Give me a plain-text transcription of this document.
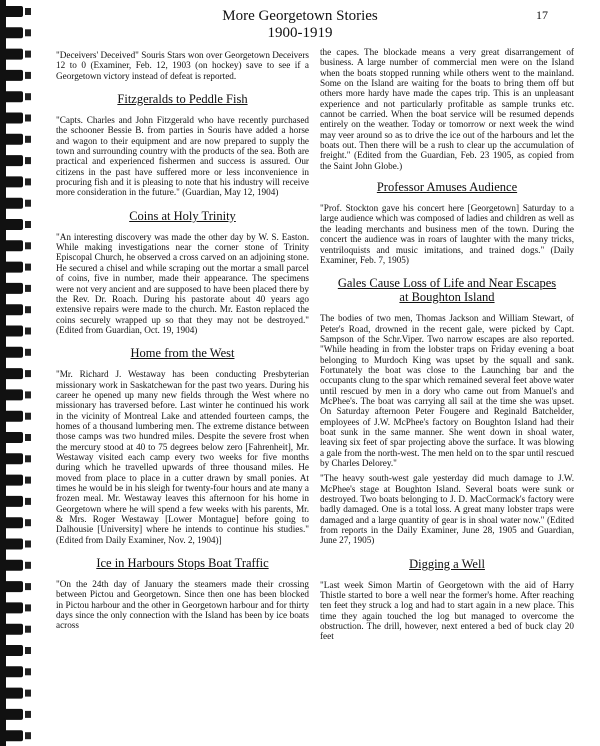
More Georgetown Stories
1900-1919
17

"Deceivers' Deceived" Souris Stars won over Georgetown Deceivers 12 to 0 (Examiner, Feb. 12, 1903 (on hockey) save to see if a Georgetown victory instead of defeat is reported.

Fitzgeralds to Peddle Fish

"Capts. Charles and John Fitzgerald who have recently purchased the schooner Bessie B. from parties in Souris have added a horse and wagon to their equipment and are now prepared to supply the town and surrounding country with the products of the sea. Both are practical and experienced fishermen and success is assured. Our citizens in the past have suffered more or less inconvenience in procuring fish and it is pleasing to note that his industry will receive more consideration in the future." (Guardian, May 12, 1904)

Coins at Holy Trinity

"An interesting discovery was made the other day by W. S. Easton. While making investigations near the corner stone of Trinity Episcopal Church, he observed a cross carved on an adjoining stone. He secured a chisel and while scraping out the mortar a small parcel of coins, five in number, made their appearance. The specimens were not very ancient and are supposed to have been placed there by the Rev. Dr. Roach. During his pastorate about 40 years ago extensive repairs were made to the church. Mr. Easton replaced the coins securely wrapped up so that they may not be destroyed." (Edited from Guardian, Oct. 19, 1904)

Home from the West

"Mr. Richard J. Westaway has been conducting Presbyterian missionary work in Saskatchewan for the past two years. During his career he opened up many new fields through the West where no missionary has traversed before. Last winter he continued his work in the vicinity of Montreal Lake and attended fourteen camps, the homes of a thousand lumbering men. The extreme distance between those camps was two hundred miles. Despite the severe frost when the mercury stood at 40 to 75 degrees below zero [Fahrenheit], Mr. Westaway visited each camp every two weeks for five months during which he travelled upwards of three thousand miles. He moved from place to place in a cutter drawn by small ponies. At times he would be in his sleigh for twenty-four hours and ate many a frozen meal. Mr. Westaway leaves this afternoon for his home in Georgetown where he will spend a few weeks with his parents, Mr. & Mrs. Roger Westaway [Lower Montague] before going to Dalhousie [University] where he intends to continue his studies." (Edited from Daily Examiner, Nov. 2, 1904)]

Ice in Harbours Stops Boat Traffic

"On the 24th day of January the steamers made their crossing between Pictou and Georgetown. Since then one has been blocked in Pictou harbour and the other in Georgetown harbour and for thirty days since the only connection with the Island has been by ice boats across

the capes. The blockade means a very great disarrangement of business. A large number of commercial men were on the Island when the boats stopped running while others went to the mainland. Some on the Island are waiting for the boats to bring them off but others more hardy have made the capes trip. This is an unpleasant experience and not particularly profitable as sample trunks etc. cannot be carried. When the boat service will be resumed depends entirely on the weather. Today or tomorrow or next week the wind may veer around so as to drive the ice out of the harbours and let the boats out. Then there will be a rush to clear up the accumulation of freight." (Edited from the Guardian, Feb. 23 1905, as copied from the Saint John Globe.)

Professor Amuses Audience

"Prof. Stockton gave his concert here [Georgetown] Saturday to a large audience which was composed of ladies and children as well as the leading merchants and business men of the town. During the concert the audience was in roars of laughter with the many tricks, ventriloquists and music imitations, and trained dogs." (Daily Examiner, Feb. 7, 1905)

Gales Cause Loss of Life and Near Escapes
at Boughton Island

The bodies of two men, Thomas Jackson and William Stewart, of Peter's Road, drowned in the recent gale, were picked by Capt. Sampson of the Schr.Viper. Two narrow escapes are also reported. "While heading in from the lobster traps on Friday evening a boat belonging to Murdoch King was upset by the squall and sank. Fortunately the boat was close to the Launching bar and the occupants clung to the spar which remained several feet above water until rescued by men in a dory who came out from Manuel's and McPhee's. The boat was carrying all sail at the time she was upset. On Saturday afternoon Peter Fougere and Reginald Batchelder, employees of J.W. McPhee's factory on Boughton Island had their boat sunk in the same manner. She went down in shoal water, leaving six feet of spar projecting above the surface. It was blowing a gale from the north-west. The men held on to the spar until rescued by Charles Delorey."

"The heavy south-west gale yesterday did much damage to J.W. McPhee's stage at Boughton Island. Several boats were sunk or destroyed. Two boats belonging to J. D. MacCormack's factory were badly damaged. One is a total loss. A great many lobster traps were damaged and a large quantity of gear is in shoal water now." (Edited from reports in the Daily Examiner, June 28, 1905 and Guardian, June 27, 1905)

Digging a Well

"Last week Simon Martin of Georgetown with the aid of Harry Thistle started to bore a well near the former's home. After reaching ten feet they struck a log and had to start again in a new place. This time they again touched the log but managed to overcome the obstruction. The drill, however, next entered a bed of buck clay 20 feet
